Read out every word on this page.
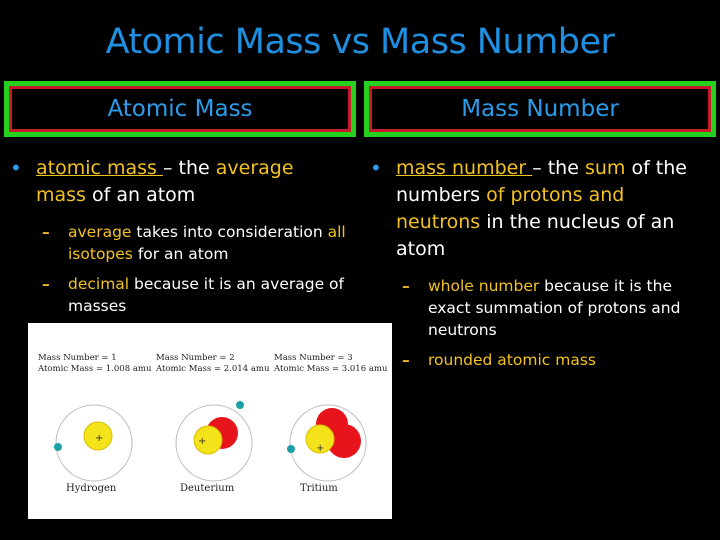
Atomic Mass vs Mass Number
Atomic Mass	Mass Number
• atomic mass – the average
mass of an atom
– average takes into consideration all isotopes for an atom
– decimal because it is an average of masses
• mass number – the sum of the numbers of protons and neutrons in the nucleus of an atom
– whole number because it is the exact summation of protons and neutrons
– rounded atomic mass
Mass Number = 1
Atomic Mass = 1.008 amu
Mass Number = 2
Atomic Mass = 2.014 amu
Mass Number = 3
Atomic Mass = 3.016 amu
+	+
+
Hydrogen	Deuterium	Tritium
